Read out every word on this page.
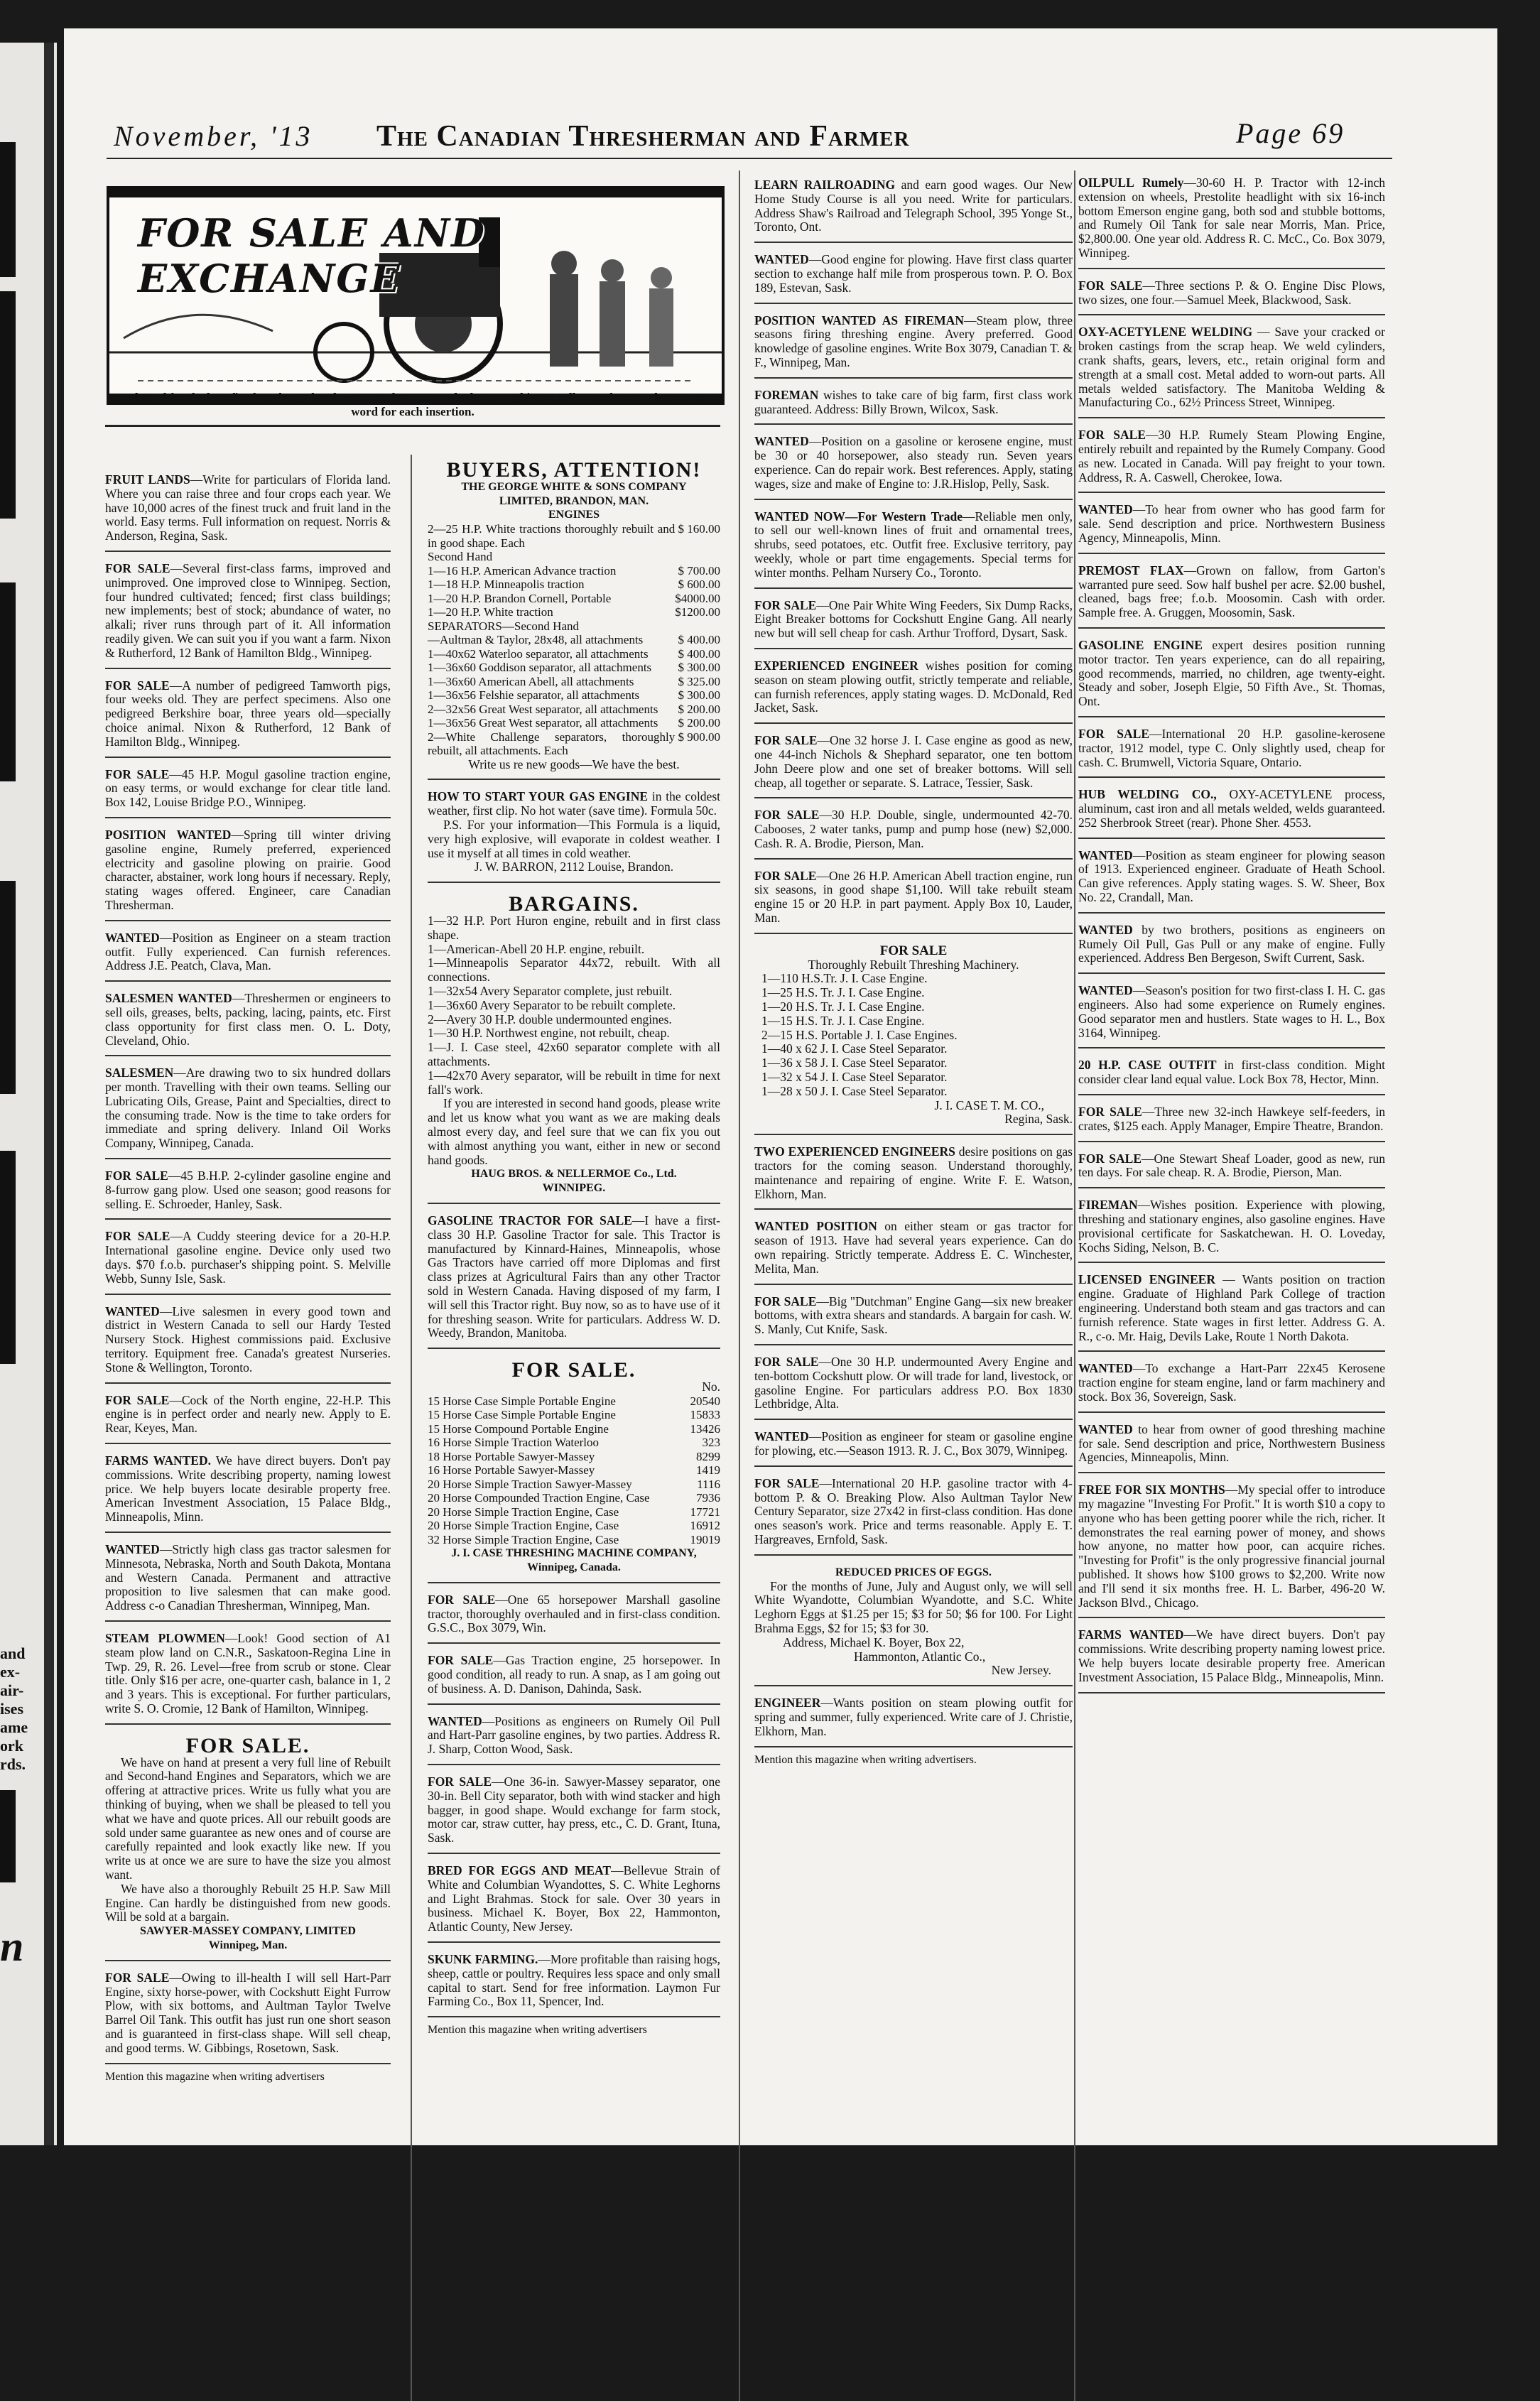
and
ex-
air-
ises
ame
ork
rds.
n
November, '13 The Canadian Thresherman and Farmer	Page 69
FOR SALE AND EXCHANGE
Conducted for the benefit of Dealers, Threshermen and Farmers who have anything to sell or exchange. Three cents a word for each insertion.

FRUIT LANDS—Write for particulars of Florida land. Where you can raise three and four crops each year. We have 10,000 acres of the finest truck and fruit land in the world. Easy terms. Full information on request. Norris & Anderson, Regina, Sask.

FOR SALE—Several first-class farms, improved and unimproved. One improved close to Winnipeg. Section, four hundred cultivated; fenced; first class buildings; new implements; best of stock; abundance of water, no alkali; river runs through part of it. All information readily given. We can suit you if you want a farm. Nixon & Rutherford, 12 Bank of Hamilton Bldg., Winnipeg.

FOR SALE—A number of pedigreed Tamworth pigs, four weeks old. They are perfect specimens. Also one pedigreed Berkshire boar, three years old—specially choice animal. Nixon & Rutherford, 12 Bank of Hamilton Bldg., Winnipeg.

FOR SALE—45 H.P. Mogul gasoline traction engine, on easy terms, or would exchange for clear title land. Box 142, Louise Bridge P.O., Winnipeg.

POSITION WANTED—Spring till winter driving gasoline engine, Rumely preferred, experienced electricity and gasoline plowing on prairie. Good character, abstainer, work long hours if necessary. Reply, stating wages offered. Engineer, care Canadian Thresherman.

WANTED—Position as Engineer on a steam traction outfit. Fully experienced. Can furnish references. Address J.E. Peatch, Clava, Man.

SALESMEN WANTED—Threshermen or engineers to sell oils, greases, belts, packing, lacing, paints, etc. First class opportunity for first class men. O. L. Doty, Cleveland, Ohio.

SALESMEN—Are drawing two to six hundred dollars per month. Travelling with their own teams. Selling our Lubricating Oils, Grease, Paint and Specialties, direct to the consuming trade. Now is the time to take orders for immediate and spring delivery. Inland Oil Works Company, Winnipeg, Canada.

FOR SALE—45 B.H.P. 2-cylinder gasoline engine and 8-furrow gang plow. Used one season; good reasons for selling. E. Schroeder, Hanley, Sask.

FOR SALE—A Cuddy steering device for a 20-H.P. International gasoline engine. Device only used two days. $70 f.o.b. purchaser's shipping point. S. Melville Webb, Sunny Isle, Sask.

WANTED—Live salesmen in every good town and district in Western Canada to sell our Hardy Tested Nursery Stock. Highest commissions paid. Exclusive territory. Equipment free. Canada's greatest Nurseries. Stone & Wellington, Toronto.

FOR SALE—Cock of the North engine, 22-H.P. This engine is in perfect order and nearly new. Apply to E. Rear, Keyes, Man.

FARMS WANTED. We have direct buyers. Don't pay commissions. Write describing property, naming lowest price. We help buyers locate desirable property free. American Investment Association, 15 Palace Bldg., Minneapolis, Minn.

WANTED—Strictly high class gas tractor salesmen for Minnesota, Nebraska, North and South Dakota, Montana and Western Canada. Permanent and attractive proposition to live salesmen that can make good. Address c-o Canadian Thresherman, Winnipeg, Man.

STEAM PLOWMEN—Look! Good section of A1 steam plow land on C.N.R., Saskatoon-Regina Line in Twp. 29, R. 26. Level—free from scrub or stone. Clear title. Only $16 per acre, one-quarter cash, balance in 1, 2 and 3 years. This is exceptional. For further particulars, write S. O. Cromie, 12 Bank of Hamilton, Winnipeg.

FOR SALE.

We have on hand at present a very full line of Rebuilt and Second-hand Engines and Separators, which we are offering at attractive prices. Write us fully what you are thinking of buying, when we shall be pleased to tell you what we have and quote prices. All our rebuilt goods are sold under same guarantee as new ones and of course are carefully repainted and look exactly like new. If you write us at once we are sure to have the size you almost want.

We have also a thoroughly Rebuilt 25 H.P. Saw Mill Engine. Can hardly be distinguished from new goods. Will be sold at a bargain.

SAWYER-MASSEY COMPANY, LIMITED
Winnipeg, Man.

FOR SALE—Owing to ill-health I will sell Hart-Parr Engine, sixty horse-power, with Cockshutt Eight Furrow Plow, with six bottoms, and Aultman Taylor Twelve Barrel Oil Tank. This outfit has just run one short season and is guaranteed in first-class shape. Will sell cheap, and good terms. W. Gibbings, Rosetown, Sask.

Mention this magazine when writing advertisers
BUYERS, ATTENTION!
THE GEORGE WHITE & SONS COMPANY
LIMITED, BRANDON, MAN.
ENGINES
2—25 H.P. White tractions thoroughly rebuilt and in good shape. Each	$ 160.00
Second Hand	
1—16 H.P. American Advance traction	$ 700.00
1—18 H.P. Minneapolis traction	$ 600.00
1—20 H.P. Brandon Cornell, Portable	$4000.00
1—20 H.P. White traction	$1200.00
SEPARATORS—Second Hand	
—Aultman & Taylor, 28x48, all attachments	$ 400.00
1—40x62 Waterloo separator, all attachments	$ 400.00
1—36x60 Goddison separator, all attachments	$ 300.00
1—36x60 American Abell, all attachments	$ 325.00
1—36x56 Felshie separator, all attachments	$ 300.00
2—32x56 Great West separator, all attachments	$ 200.00
1—36x56 Great West separator, all attachments	$ 200.00
2—White Challenge separators, thoroughly rebuilt, all attachments. Each	$ 900.00
Write us re new goods—We have the best.

HOW TO START YOUR GAS ENGINE in the coldest weather, first clip. No hot water (save time). Formula 50c.

P.S. For your information—This Formula is a liquid, very high explosive, will evaporate in coldest weather. I use it myself at all times in cold weather.

J. W. BARRON, 2112 Louise, Brandon.
BARGAINS.
1—32 H.P. Port Huron engine, rebuilt and in first class shape.
1—American-Abell 20 H.P. engine, rebuilt.
1—Minneapolis Separator 44x72, rebuilt. With all connections.
1—32x54 Avery Separator complete, just rebuilt.
1—36x60 Avery Separator to be rebuilt complete.
2—Avery 30 H.P. double undermounted engines.
1—30 H.P. Northwest engine, not rebuilt, cheap.
1—J. I. Case steel, 42x60 separator complete with all attachments.
1—42x70 Avery separator, will be rebuilt in time for next fall's work.

If you are interested in second hand goods, please write and let us know what you want as we are making deals almost every day, and feel sure that we can fix you out with almost anything you want, either in new or second hand goods.

HAUG BROS. & NELLERMOE Co., Ltd.
WINNIPEG.

GASOLINE TRACTOR FOR SALE—I have a first-class 30 H.P. Gasoline Tractor for sale. This Tractor is manufactured by Kinnard-Haines, Minneapolis, whose Gas Tractors have carried off more Diplomas and first class prizes at Agricultural Fairs than any other Tractor sold in Western Canada. Having disposed of my farm, I will sell this Tractor right. Buy now, so as to have use of it for threshing season. Write for particulars. Address W. D. Weedy, Brandon, Manitoba.

FOR SALE.
No.
15 Horse Case Simple Portable Engine	20540
15 Horse Case Simple Portable Engine	15833
15 Horse Compound Portable Engine	13426
16 Horse Simple Traction Waterloo	323
18 Horse Portable Sawyer-Massey	8299
16 Horse Portable Sawyer-Massey	1419
20 Horse Simple Traction Sawyer-Massey	1116
20 Horse Compounded Traction Engine, Case	7936
20 Horse Simple Traction Engine, Case	17721
20 Horse Simple Traction Engine, Case	16912
32 Horse Simple Traction Engine, Case	19019
J. I. CASE THRESHING MACHINE COMPANY, Winnipeg, Canada.

FOR SALE—One 65 horsepower Marshall gasoline tractor, thoroughly overhauled and in first-class condition. G.S.C., Box 3079, Win.

FOR SALE—Gas Traction engine, 25 horsepower. In good condition, all ready to run. A snap, as I am going out of business. A. D. Danison, Dahinda, Sask.

WANTED—Positions as engineers on Rumely Oil Pull and Hart-Parr gasoline engines, by two parties. Address R. J. Sharp, Cotton Wood, Sask.

FOR SALE—One 36-in. Sawyer-Massey separator, one 30-in. Bell City separator, both with wind stacker and high bagger, in good shape. Would exchange for farm stock, motor car, straw cutter, hay press, etc., C. D. Grant, Ituna, Sask.

BRED FOR EGGS AND MEAT—Bellevue Strain of White and Columbian Wyandottes, S. C. White Leghorns and Light Brahmas. Stock for sale. Over 30 years in business. Michael K. Boyer, Box 22, Hammonton, Atlantic County, New Jersey.

SKUNK FARMING.—More profitable than raising hogs, sheep, cattle or poultry. Requires less space and only small capital to start. Send for free information. Laymon Fur Farming Co., Box 11, Spencer, Ind.

Mention this magazine when writing advertisers

LEARN RAILROADING and earn good wages. Our New Home Study Course is all you need. Write for particulars. Address Shaw's Railroad and Telegraph School, 395 Yonge St., Toronto, Ont.

WANTED—Good engine for plowing. Have first class quarter section to exchange half mile from prosperous town. P. O. Box 189, Estevan, Sask.

POSITION WANTED AS FIREMAN—Steam plow, three seasons firing threshing engine. Avery preferred. Good knowledge of gasoline engines. Write Box 3079, Canadian T. & F., Winnipeg, Man.

FOREMAN wishes to take care of big farm, first class work guaranteed. Address: Billy Brown, Wilcox, Sask.

WANTED—Position on a gasoline or kerosene engine, must be 30 or 40 horsepower, also steady run. Seven years experience. Can do repair work. Best references. Apply, stating wages, size and make of Engine to: J.R.Hislop, Pelly, Sask.

WANTED NOW—For Western Trade—Reliable men only, to sell our well-known lines of fruit and ornamental trees, shrubs, seed potatoes, etc. Outfit free. Exclusive territory, pay weekly, whole or part time engagements. Special terms for winter months. Pelham Nursery Co., Toronto.

FOR SALE—One Pair White Wing Feeders, Six Dump Racks, Eight Breaker bottoms for Cockshutt Engine Gang. All nearly new but will sell cheap for cash. Arthur Trofford, Dysart, Sask.

EXPERIENCED ENGINEER wishes position for coming season on steam plowing outfit, strictly temperate and reliable, can furnish references, apply stating wages. D. McDonald, Red Jacket, Sask.

FOR SALE—One 32 horse J. I. Case engine as good as new, one 44-inch Nichols & Shephard separator, one ten bottom John Deere plow and one set of breaker bottoms. Will sell cheap, all together or separate. S. Latrace, Tessier, Sask.

FOR SALE—30 H.P. Double, single, undermounted 42-70. Cabooses, 2 water tanks, pump and pump hose (new) $2,000. Cash. R. A. Brodie, Pierson, Man.

FOR SALE—One 26 H.P. American Abell traction engine, run six seasons, in good shape $1,100. Will take rebuilt steam engine 15 or 20 H.P. in part payment. Apply Box 10, Lauder, Man.

FOR SALE
Thoroughly Rebuilt Threshing Machinery.
1—110 H.S.Tr. J. I. Case Engine.
1—25 H.S. Tr. J. I. Case Engine.
1—20 H.S. Tr. J. I. Case Engine.
1—15 H.S. Tr. J. I. Case Engine.
2—15 H.S. Portable J. I. Case Engines.
1—40 x 62 J. I. Case Steel Separator.
1—36 x 58 J. I. Case Steel Separator.
1—32 x 54 J. I. Case Steel Separator.
1—28 x 50 J. I. Case Steel Separator.
J. I. CASE T. M. CO.,
Regina, Sask.

TWO EXPERIENCED ENGINEERS desire positions on gas tractors for the coming season. Understand thoroughly, maintenance and repairing of engine. Write F. E. Watson, Elkhorn, Man.

WANTED POSITION on either steam or gas tractor for season of 1913. Have had several years experience. Can do own repairing. Strictly temperate. Address E. C. Winchester, Melita, Man.

FOR SALE—Big "Dutchman" Engine Gang—six new breaker bottoms, with extra shears and standards. A bargain for cash. W. S. Manly, Cut Knife, Sask.

FOR SALE—One 30 H.P. undermounted Avery Engine and ten-bottom Cockshutt plow. Or will trade for land, livestock, or gasoline Engine. For particulars address P.O. Box 1830 Lethbridge, Alta.

WANTED—Position as engineer for steam or gasoline engine for plowing, etc.—Season 1913. R. J. C., Box 3079, Winnipeg.

FOR SALE—International 20 H.P. gasoline tractor with 4-bottom P. & O. Breaking Plow. Also Aultman Taylor New Century Separator, size 27x42 in first-class condition. Has done ones season's work. Price and terms reasonable. Apply E. T. Hargreaves, Ernfold, Sask.

REDUCED PRICES OF EGGS.

For the months of June, July and August only, we will sell White Wyandotte, Columbian Wyandotte, and S.C. White Leghorn Eggs at $1.25 per 15; $3 for 50; $6 for 100. For Light Brahma Eggs, $2 for 15; $3 for 30.

Address, Michael K. Boyer, Box 22,
Hammonton, Atlantic Co.,
New Jersey.

ENGINEER—Wants position on steam plowing outfit for spring and summer, fully experienced. Write care of J. Christie, Elkhorn, Man.

Mention this magazine when writing advertisers.

OILPULL Rumely—30-60 H. P. Tractor with 12-inch extension on wheels, Prestolite headlight with six 16-inch bottom Emerson engine gang, both sod and stubble bottoms, and Rumely Oil Tank for sale near Morris, Man. Price, $2,800.00. One year old. Address R. C. McC., Co. Box 3079, Winnipeg.

FOR SALE—Three sections P. & O. Engine Disc Plows, two sizes, one four.—Samuel Meek, Blackwood, Sask.

OXY-ACETYLENE WELDING — Save your cracked or broken castings from the scrap heap. We weld cylinders, crank shafts, gears, levers, etc., retain original form and strength at a small cost. Metal added to worn-out parts. All metals welded satisfactory. The Manitoba Welding & Manufacturing Co., 62½ Princess Street, Winnipeg.

FOR SALE—30 H.P. Rumely Steam Plowing Engine, entirely rebuilt and repainted by the Rumely Company. Good as new. Located in Canada. Will pay freight to your town. Address, R. A. Caswell, Cherokee, Iowa.

WANTED—To hear from owner who has good farm for sale. Send description and price. Northwestern Business Agency, Minneapolis, Minn.

PREMOST FLAX—Grown on fallow, from Garton's warranted pure seed. Sow half bushel per acre. $2.00 bushel, cleaned, bags free; f.o.b. Moosomin. Cash with order. Sample free. A. Gruggen, Moosomin, Sask.

GASOLINE ENGINE expert desires position running motor tractor. Ten years experience, can do all repairing, good recommends, married, no children, age twenty-eight. Steady and sober, Joseph Elgie, 50 Fifth Ave., St. Thomas, Ont.

FOR SALE—International 20 H.P. gasoline-kerosene tractor, 1912 model, type C. Only slightly used, cheap for cash. C. Brumwell, Victoria Square, Ontario.

HUB WELDING CO., OXY-ACETYLENE process, aluminum, cast iron and all metals welded, welds guaranteed. 252 Sherbrook Street (rear). Phone Sher. 4553.

WANTED—Position as steam engineer for plowing season of 1913. Experienced engineer. Graduate of Heath School. Can give references. Apply stating wages. S. W. Sheer, Box No. 22, Crandall, Man.

WANTED by two brothers, positions as engineers on Rumely Oil Pull, Gas Pull or any make of engine. Fully experienced. Address Ben Bergeson, Swift Current, Sask.

WANTED—Season's position for two first-class I. H. C. gas engineers. Also had some experience on Rumely engines. Good separator men and hustlers. State wages to H. L., Box 3164, Winnipeg.

20 H.P. CASE OUTFIT in first-class condition. Might consider clear land equal value. Lock Box 78, Hector, Minn.

FOR SALE—Three new 32-inch Hawkeye self-feeders, in crates, $125 each. Apply Manager, Empire Theatre, Brandon.

FOR SALE—One Stewart Sheaf Loader, good as new, run ten days. For sale cheap. R. A. Brodie, Pierson, Man.

FIREMAN—Wishes position. Experience with plowing, threshing and stationary engines, also gasoline engines. Have provisional certificate for Saskatchewan. H. O. Loveday, Kochs Siding, Nelson, B. C.

LICENSED ENGINEER — Wants position on traction engine. Graduate of Highland Park College of traction engineering. Understand both steam and gas tractors and can furnish reference. State wages in first letter. Address G. A. R., c-o. Mr. Haig, Devils Lake, Route 1 North Dakota.

WANTED—To exchange a Hart-Parr 22x45 Kerosene traction engine for steam engine, land or farm machinery and stock. Box 36, Sovereign, Sask.

WANTED to hear from owner of good threshing machine for sale. Send description and price, Northwestern Business Agencies, Minneapolis, Minn.

FREE FOR SIX MONTHS—My special offer to introduce my magazine "Investing For Profit." It is worth $10 a copy to anyone who has been getting poorer while the rich, richer. It demonstrates the real earning power of money, and shows how anyone, no matter how poor, can acquire riches. "Investing for Profit" is the only progressive financial journal published. It shows how $100 grows to $2,200. Write now and I'll send it six months free. H. L. Barber, 496-20 W. Jackson Blvd., Chicago.

FARMS WANTED—We have direct buyers. Don't pay commissions. Write describing property naming lowest price. We help buyers locate desirable property free. American Investment Association, 15 Palace Bldg., Minneapolis, Minn.
